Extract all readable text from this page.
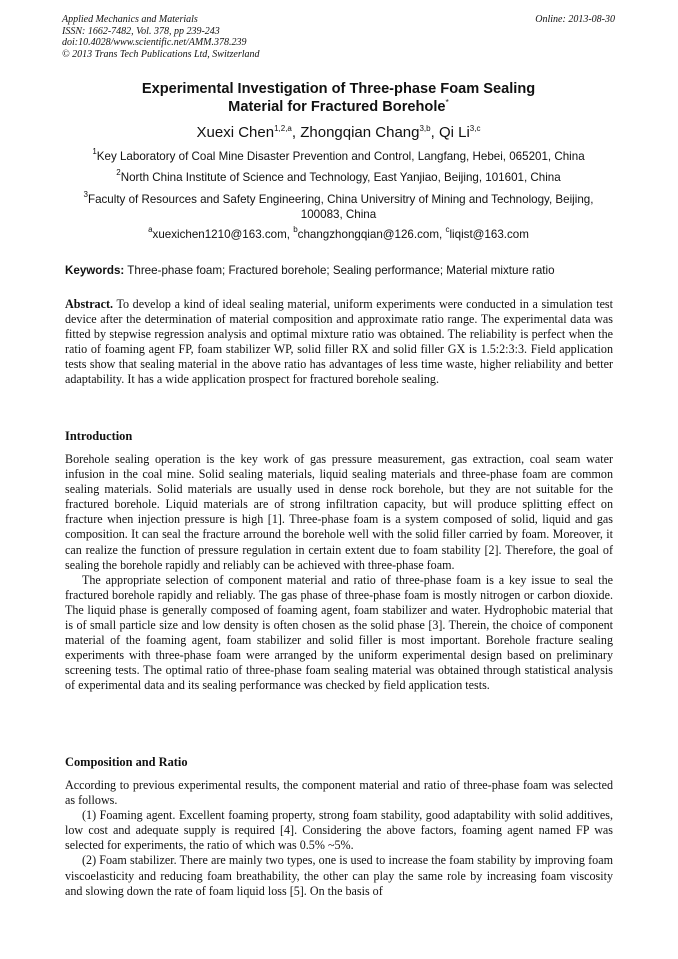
Applied Mechanics and Materials
ISSN: 1662-7482, Vol. 378, pp 239-243
doi:10.4028/www.scientific.net/AMM.378.239
© 2013 Trans Tech Publications Ltd, Switzerland
Online: 2013-08-30
Experimental Investigation of Three-phase Foam Sealing
Material for Fractured Borehole*
Xuexi Chen$^{1,2,a}$, Zhongqian Chang$^{3,b}$, Qi Li$^{3,c}$
$^1$Key Laboratory of Coal Mine Disaster Prevention and Control, Langfang, Hebei, 065201, China
$^2$North China Institute of Science and Technology, East Yanjiao, Beijing, 101601, China
$^3$Faculty of Resources and Safety Engineering, China Universitry of Mining and Technology, Beijing, 100083, China
$^a$xuexichen1210@163.com, $^b$changzhongqian@126.com, $^c$liqist@163.com
Keywords: Three-phase foam; Fractured borehole; Sealing performance; Material mixture ratio

Abstract. To develop a kind of ideal sealing material, uniform experiments were conducted in a simulation test device after the determination of material composition and approximate ratio range. The experimental data was fitted by stepwise regression analysis and optimal mixture ratio was obtained. The reliability is perfect when the ratio of foaming agent FP, foam stabilizer WP, solid filler RX and solid filler GX is 1.5:2:3:3. Field application tests show that sealing material in the above ratio has advantages of less time waste, higher reliability and better adaptability. It has a wide application prospect for fractured borehole sealing.

Introduction

Borehole sealing operation is the key work of gas pressure measurement, gas extraction, coal seam water infusion in the coal mine. Solid sealing materials, liquid sealing materials and three-phase foam are common sealing materials. Solid materials are usually used in dense rock borehole, but they are not suitable for the fractured borehole. Liquid materials are of strong infiltration capacity, but will produce splitting effect on fracture when injection pressure is high [1]. Three-phase foam is a system composed of solid, liquid and gas composition. It can seal the fracture arround the borehole well with the solid filler carried by foam. Moreover, it can realize the function of pressure regulation in certain extent due to foam stability [2]. Therefore, the goal of sealing the borehole rapidly and reliably can be achieved with three-phase foam.

The appropriate selection of component material and ratio of three-phase foam is a key issue to seal the fractured borehole rapidly and reliably. The gas phase of three-phase foam is mostly nitrogen or carbon dioxide. The liquid phase is generally composed of foaming agent, foam stabilizer and water. Hydrophobic material that is of small particle size and low density is often chosen as the solid phase [3]. Therein, the choice of component material of the foaming agent, foam stabilizer and solid filler is most important. Borehole fracture sealing experiments with three-phase foam were arranged by the uniform experimental design based on preliminary screening tests. The optimal ratio of three-phase foam sealing material was obtained through statistical analysis of experimental data and its sealing performance was checked by field application tests.

Composition and Ratio

According to previous experimental results, the component material and ratio of three-phase foam was selected as follows.

(1) Foaming agent. Excellent foaming property, strong foam stability, good adaptability with solid additives, low cost and adequate supply is required [4]. Considering the above factors, foaming agent named FP was selected for experiments, the ratio of which was 0.5% ~5%.

(2) Foam stabilizer. There are mainly two types, one is used to increase the foam stability by improving foam viscoelasticity and reducing foam breathability, the other can play the same role by increasing foam viscosity and slowing down the rate of foam liquid loss [5]. On the basis of
